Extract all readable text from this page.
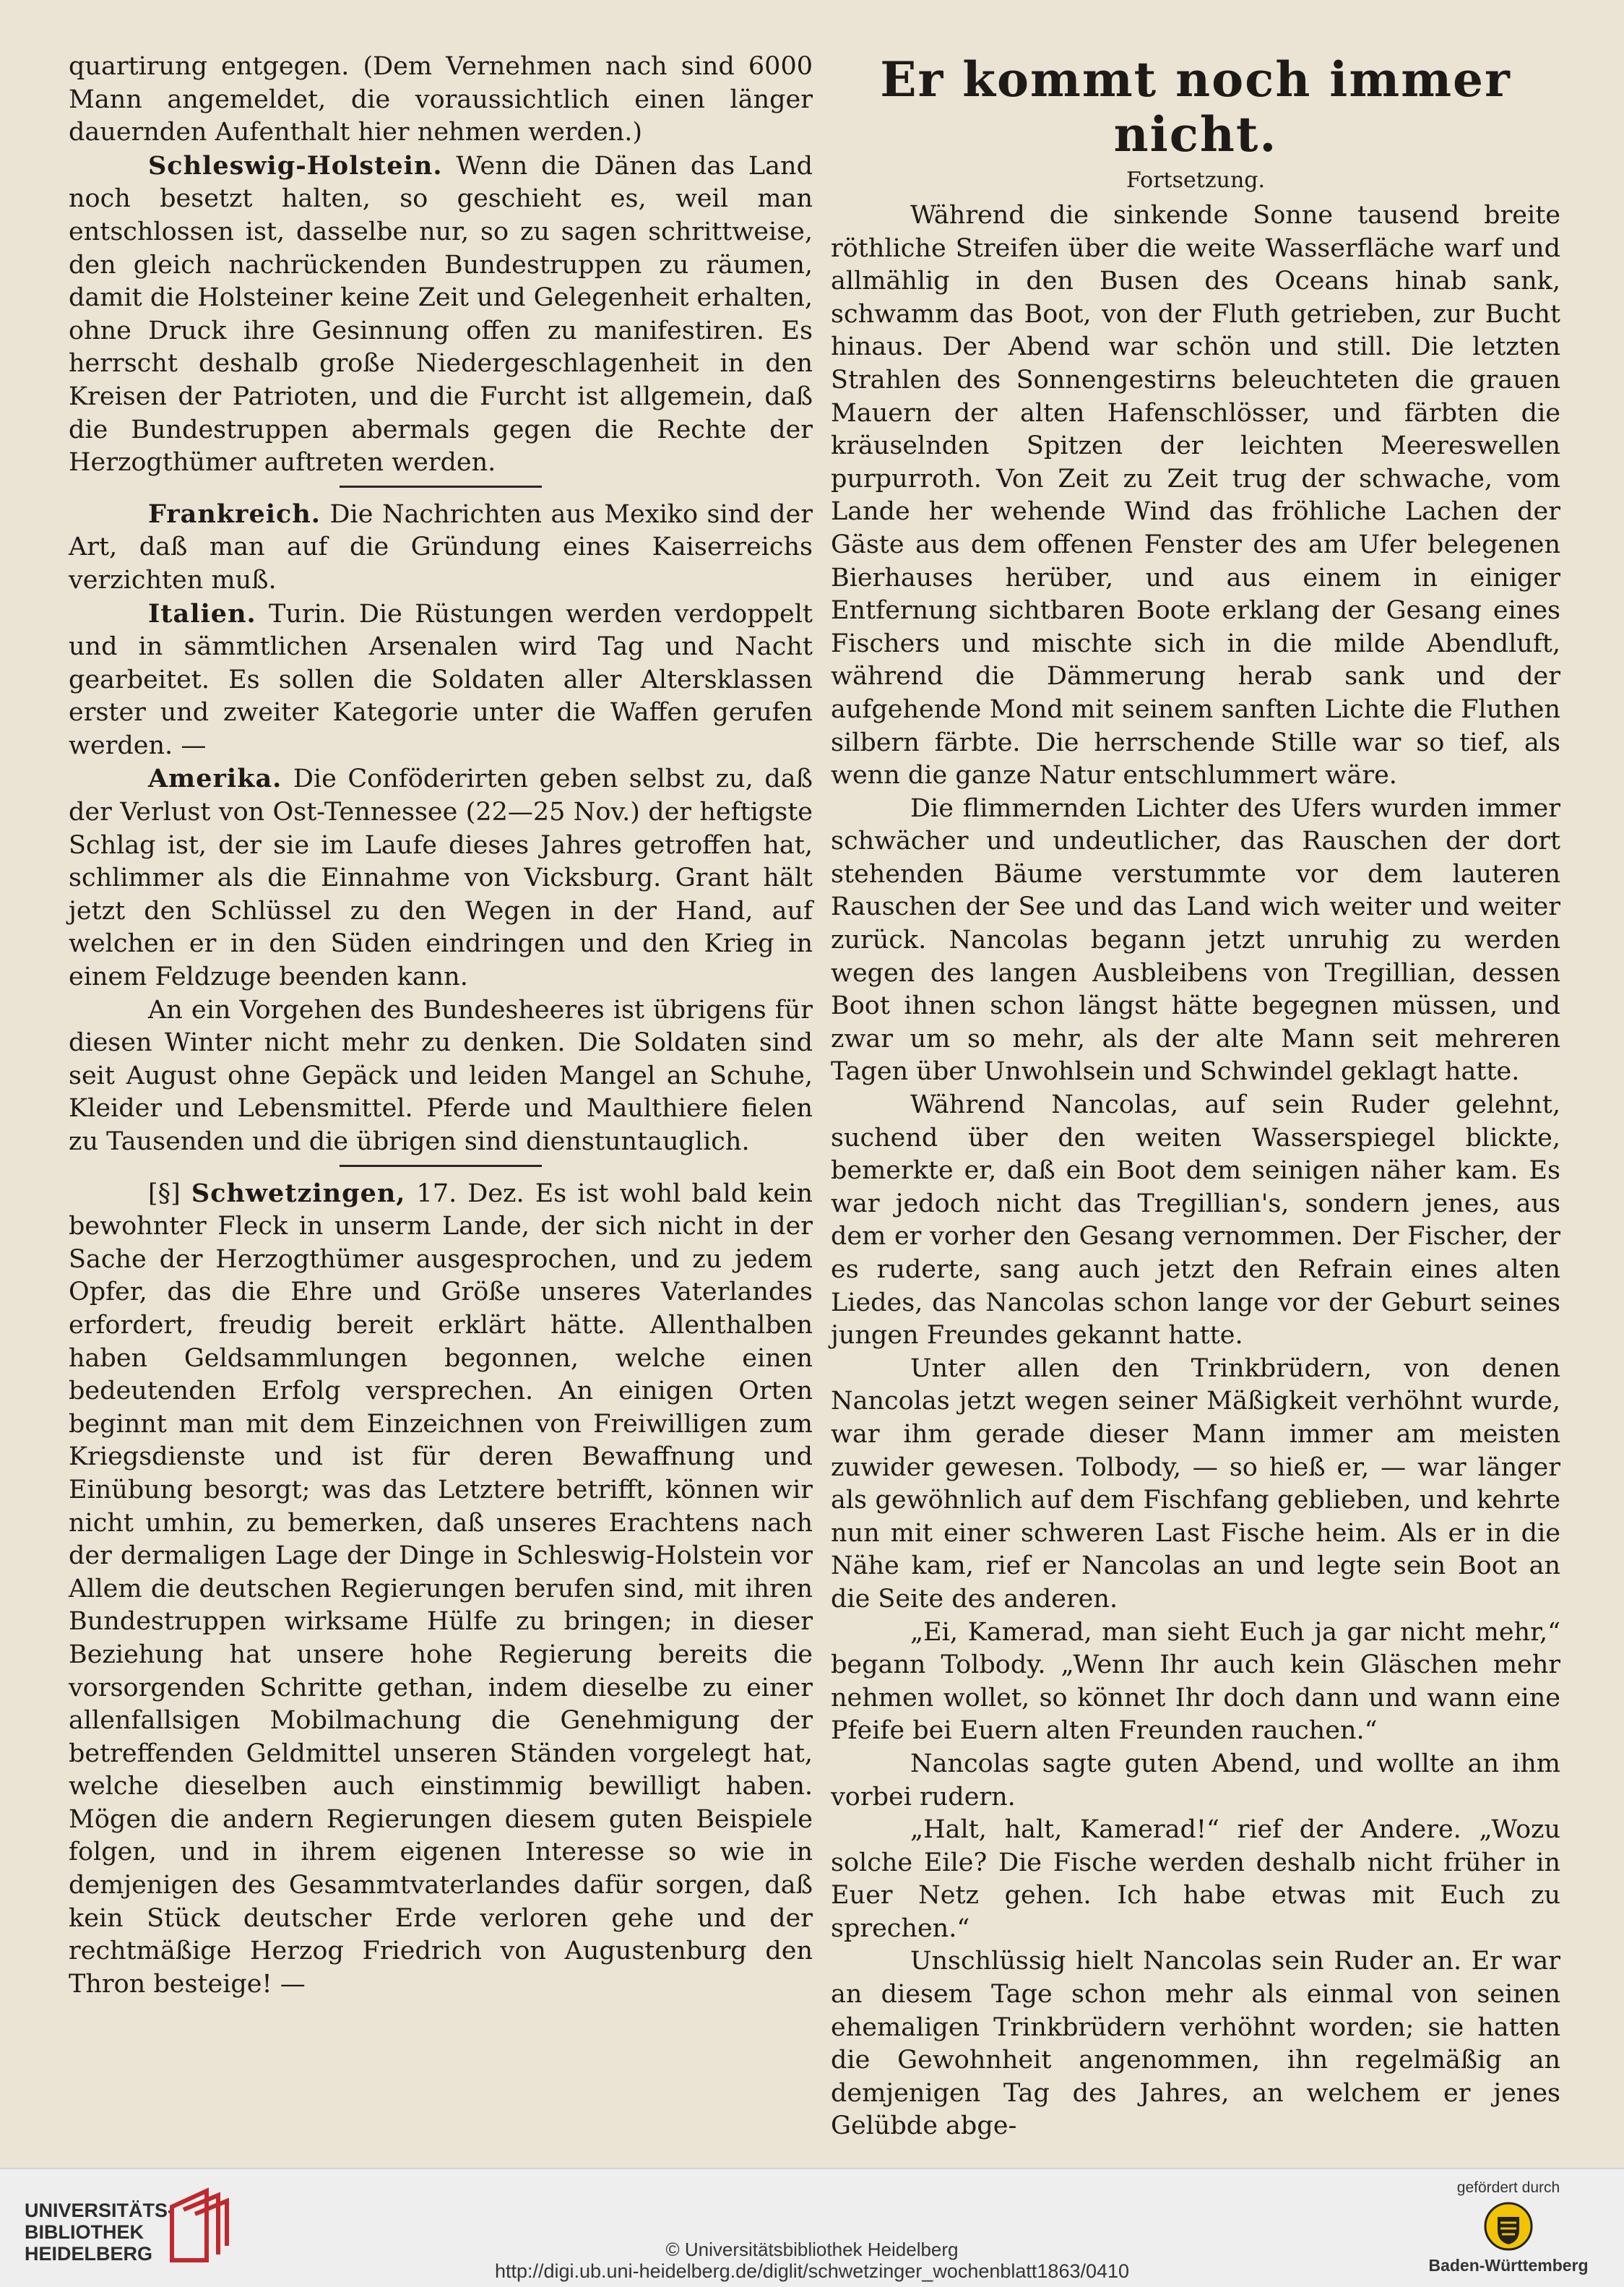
quartirung entgegen. (Dem Vernehmen nach sind 6000 Mann angemeldet, die voraussichtlich einen länger dauernden Aufenthalt hier nehmen werden.)

Schleswig-Holstein. Wenn die Dänen das Land noch besetzt halten, so geschieht es, weil man entschlossen ist, dasselbe nur, so zu sagen schrittweise, den gleich nachrückenden Bundestruppen zu räumen, damit die Holsteiner keine Zeit und Gelegenheit erhalten, ohne Druck ihre Gesinnung offen zu manifestiren. Es herrscht deshalb große Niedergeschlagenheit in den Kreisen der Patrioten, und die Furcht ist allgemein, daß die Bundestruppen abermals gegen die Rechte der Herzogthümer auftreten werden.

Frankreich. Die Nachrichten aus Mexiko sind der Art, daß man auf die Gründung eines Kaiserreichs verzichten muß.

Italien. Turin. Die Rüstungen werden verdoppelt und in sämmtlichen Arsenalen wird Tag und Nacht gearbeitet. Es sollen die Soldaten aller Altersklassen erster und zweiter Kategorie unter die Waffen gerufen werden. —

Amerika. Die Conföderirten geben selbst zu, daß der Verlust von Ost-Tennessee (22—25 Nov.) der heftigste Schlag ist, der sie im Laufe dieses Jahres getroffen hat, schlimmer als die Einnahme von Vicksburg. Grant hält jetzt den Schlüssel zu den Wegen in der Hand, auf welchen er in den Süden eindringen und den Krieg in einem Feldzuge beenden kann.

An ein Vorgehen des Bundesheeres ist übrigens für diesen Winter nicht mehr zu denken. Die Soldaten sind seit August ohne Gepäck und leiden Mangel an Schuhe, Kleider und Lebensmittel. Pferde und Maulthiere fielen zu Tausenden und die übrigen sind dienstuntauglich.

[§] Schwetzingen, 17. Dez. Es ist wohl bald kein bewohnter Fleck in unserm Lande, der sich nicht in der Sache der Herzogthümer ausgesprochen, und zu jedem Opfer, das die Ehre und Größe unseres Vaterlandes erfordert, freudig bereit erklärt hätte. Allenthalben haben Geldsammlungen begonnen, welche einen bedeutenden Erfolg versprechen. An einigen Orten beginnt man mit dem Einzeichnen von Freiwilligen zum Kriegsdienste und ist für deren Bewaffnung und Einübung besorgt; was das Letztere betrifft, können wir nicht umhin, zu bemerken, daß unseres Erachtens nach der dermaligen Lage der Dinge in Schleswig-Holstein vor Allem die deutschen Regierungen berufen sind, mit ihren Bundestruppen wirksame Hülfe zu bringen; in dieser Beziehung hat unsere hohe Regierung bereits die vorsorgenden Schritte gethan, indem dieselbe zu einer allenfallsigen Mobilmachung die Genehmigung der betreffenden Geldmittel unseren Ständen vorgelegt hat, welche dieselben auch einstimmig bewilligt haben. Mögen die andern Regierungen diesem guten Beispiele folgen, und in ihrem eigenen Interesse so wie in demjenigen des Gesammtvaterlandes dafür sorgen, daß kein Stück deutscher Erde verloren gehe und der rechtmäßige Herzog Friedrich von Augustenburg den Thron besteige! —

Er kommt noch immer nicht.
Fortsetzung.

Während die sinkende Sonne tausend breite röthliche Streifen über die weite Wasserfläche warf und allmählig in den Busen des Oceans hinab sank, schwamm das Boot, von der Fluth getrieben, zur Bucht hinaus. Der Abend war schön und still. Die letzten Strahlen des Sonnengestirns beleuchteten die grauen Mauern der alten Hafenschlösser, und färbten die kräuselnden Spitzen der leichten Meereswellen purpurroth. Von Zeit zu Zeit trug der schwache, vom Lande her wehende Wind das fröhliche Lachen der Gäste aus dem offenen Fenster des am Ufer belegenen Bierhauses herüber, und aus einem in einiger Entfernung sichtbaren Boote erklang der Gesang eines Fischers und mischte sich in die milde Abendluft, während die Dämmerung herab sank und der aufgehende Mond mit seinem sanften Lichte die Fluthen silbern färbte. Die herrschende Stille war so tief, als wenn die ganze Natur entschlummert wäre.

Die flimmernden Lichter des Ufers wurden immer schwächer und undeutlicher, das Rauschen der dort stehenden Bäume verstummte vor dem lauteren Rauschen der See und das Land wich weiter und weiter zurück. Nancolas begann jetzt unruhig zu werden wegen des langen Ausbleibens von Tregillian, dessen Boot ihnen schon längst hätte begegnen müssen, und zwar um so mehr, als der alte Mann seit mehreren Tagen über Unwohlsein und Schwindel geklagt hatte.

Während Nancolas, auf sein Ruder gelehnt, suchend über den weiten Wasserspiegel blickte, bemerkte er, daß ein Boot dem seinigen näher kam. Es war jedoch nicht das Tregillian's, sondern jenes, aus dem er vorher den Gesang vernommen. Der Fischer, der es ruderte, sang auch jetzt den Refrain eines alten Liedes, das Nancolas schon lange vor der Geburt seines jungen Freundes gekannt hatte.

Unter allen den Trinkbrüdern, von denen Nancolas jetzt wegen seiner Mäßigkeit verhöhnt wurde, war ihm gerade dieser Mann immer am meisten zuwider gewesen. Tolbody, — so hieß er, — war länger als gewöhnlich auf dem Fischfang geblieben, und kehrte nun mit einer schweren Last Fische heim. Als er in die Nähe kam, rief er Nancolas an und legte sein Boot an die Seite des anderen.

„Ei, Kamerad, man sieht Euch ja gar nicht mehr,“ begann Tolbody. „Wenn Ihr auch kein Gläschen mehr nehmen wollet, so könnet Ihr doch dann und wann eine Pfeife bei Euern alten Freunden rauchen.“

Nancolas sagte guten Abend, und wollte an ihm vorbei rudern.

„Halt, halt, Kamerad!“ rief der Andere. „Wozu solche Eile? Die Fische werden deshalb nicht früher in Euer Netz gehen. Ich habe etwas mit Euch zu sprechen.“

Unschlüssig hielt Nancolas sein Ruder an. Er war an diesem Tage schon mehr als einmal von seinen ehemaligen Trinkbrüdern verhöhnt worden; sie hatten die Gewohnheit angenommen, ihn regelmäßig an demjenigen Tag des Jahres, an welchem er jenes Gelübde abge-

UNIVERSITÄTS-
BIBLIOTHEK
HEIDELBERG	© Universitätsbibliothek Heidelberg
http://digi.ub.uni-heidelberg.de/diglit/schwetzinger_wochenblatt1863/0410
gefördert durch
Baden-Württemberg
